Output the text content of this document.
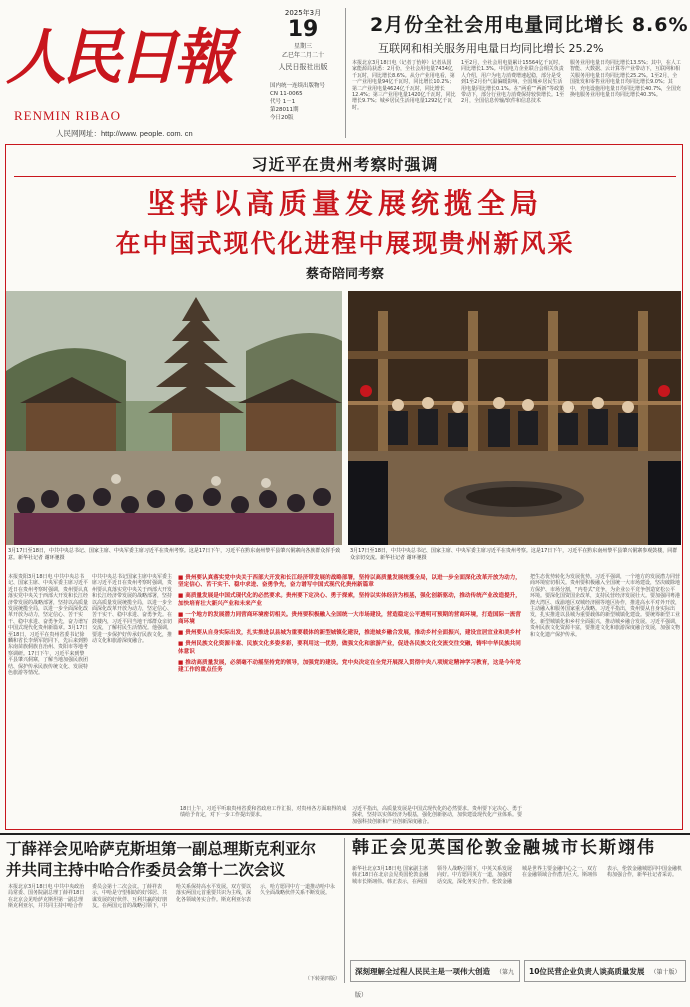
人民日報
RENMIN RIBAO
人民网网址：http://www. people. com. cn
2025年3月
19
星期三
乙巳年二月二十
人民日报社出版
国内统一连续出版物号
CN 11-0065
代号 1－1
第28011期
今日20版
2月份全社会用电量同比增长 8.6%
互联网和相关服务用电量日均同比增长 25.2%
本报北京3月18日电（记者丁怡婷）记者从国家能源局获悉：2月份，全社会用电量7434亿千瓦时，同比增长8.6%。从分产业用电看，第一产业用电量94亿千瓦时，同比增长10.2%；第二产业用电量4624亿千瓦时，同比增长12.4%；第三产业用电量1420亿千瓦时，同比增长9.7%；城乡居民生活用电量1292亿千瓦时。
1至2月，全社会用电量累计15564亿千瓦时，同比增长1.3%。中国电力企业联合会相关负责人介绍，用户为电力消费增速起稳，部分是受到1至2月份气温偏暖影响，全国城乡居民生活用电量同比增长0.1%。在“两重”“两新”等政策带动下，部分行业电力消费保持较快增长。1至2月，全国信息传输/软件和信息技术
服务业用电量日均同比增长13.5%；其中，在人工智能、大数据、云计算等产业带动下，互联网和相关服务用电量日均同比增长25.2%。1至2月，全国批发和零售业用电量日均同比增长9.0%；其中，充电设施用电量日均同比增长40.7%，全国充换电服务业用电量日均同比增长40.3%。
习近平在贵州考察时强调
坚持以高质量发展统揽全局
在中国式现代化进程中展现贵州新风采
蔡奇陪同考察
3月17日至18日，中共中央总书记、国家主席、中央军委主席习近平在贵州考察。这是17日下午，习近平在黔东南州黎平县肇兴侗寨向各族群众挥手致意。新华社记者 谢环驰摄
3月17日至18日，中共中央总书记、国家主席、中央军委主席习近平在贵州考察。这是17日下午，习近平在黔东南州黎平县肇兴侗寨参观鼓楼，同群众亲切交流。新华社记者 谢环驰摄
本报贵阳3月18日电 中共中央总书记、国家主席、中央军委主席习近平近日在贵州考察时强调，贵州要认真落实党中央关于西部大开发和长江经济带发展的战略部署，坚持以高质量发展统揽全局，以进一步全面深化改革开放为动力，坚定信心、苦干实干、稳中求进、奋勇争先，奋力谱写中国式现代化贵州新篇章。3月17日至18日，习近平在贵州省委书记徐麟和省长李炳军陪同下，先后来到黔东南苗族侗族自治州、贵阳市等地考察调研。17日下午，习近平来到黎平县肇兴侗寨，了解当地加强民族团结、保护传承民族传统文化、发展特色旅游等情况。
中共中央总书记国家主席中央军委主席习近平近日在贵州考察时强调，贵州要认真落实党中央关于西部大开发和长江经济带发展的战略部署，坚持以高质量发展统揽全局，以进一步全面深化改革开放为动力，坚定信心、苦干实干、稳中求进、奋勇争先。在鼓楼内，习近平同当地干部群众亲切交流，了解村民生活情况。他强调，要进一步保护好传承好民族文化，推动文化和旅游深度融合。
■ 贵州要认真落实党中央关于西部大开发和长江经济带发展的战略部署，坚持以高质量发展统揽全局，以进一步全面深化改革开放为动力，坚定信心、苦干实干、稳中求进、奋勇争先，奋力谱写中国式现代化贵州新篇章
■ 高质量发展是中国式现代化的必然要求。贵州要下定决心、勇于探索，坚持以实体经济为根基，强化创新驱动，推动传统产业改造提升，加快培育壮大新兴产业和未来产业
■ 一个地方的发展潜力同营商环境密切相关。贵州要积极融入全国统一大市场建设，营造稳定公平透明可预期的营商环境，打造国际一流营商环境
■ 贵州要从自身实际出发，扎实推进以县城为重要载体的新型城镇化建设，推进城乡融合发展，推动乡村全面振兴，建设宜居宜业和美乡村
■ 贵州民族文化资源丰富、民族文化多姿多彩，要利用这一优势，做强文化和旅游产业，促进各民族文化交流交往交融，铸牢中华民族共同体意识
■ 推动高质量发展，必须毫不动摇坚持党的领导，加强党的建设。党中央决定在全党开展深入贯彻中央八项规定精神学习教育，这是今年党建工作的重点任务
18日上午，习近平听取贵州省委和省政府工作汇报，对贵州各方面取得的成绩给予肯定，对下一步工作提出要求。
习近平指出，高质量发展是中国式现代化的必然要求。贵州要下定决心、勇于探索，坚持以实体经济为根基，强化创新驱动，加快建设现代化产业体系。要加强科技创新和产业创新深度融合。
把生态优势转化为发展优势。习近平强调，一个地方的发展潜力同营商环境密切相关。贵州要积极融入全国统一大市场建设，坚决破除地方保护、市场分割，“内卷式”竞争，为企业公平竞争创造宽松公平环境。要深化国资国企改革，支持民营经济发展壮大。要加强同粤港澳大湾区、成渝地区双城经济圈等地区协作，推进高水平对外开放，主动融入和服务国家重大战略。习近平指出，贵州要从自身实际出发，扎实推进以县城为重要载体的新型城镇化建设。要统筹新型工业化、新型城镇化和乡村全面振兴，推动城乡融合发展。习近平强调，贵州民族文化资源丰富，要推进文化和旅游深度融合发展，加强文物和文化遗产保护传承。
丁薛祥会见哈萨克斯坦第一副总理斯克利亚尔
并共同主持中哈合作委员会第十二次会议
本报北京3月18日电 中共中央政治局常委、国务院副总理丁薛祥18日在北京会见哈萨克斯坦第一副总理斯克利亚尔，并共同主持中哈合作委员会第十二次会议。丁薛祥表示，中哈是守望相助的好邻居、共谋发展的好伙伴、互利共赢的好朋友。在两国元首的战略引领下，中哈关系保持高水平发展。双方要以落实两国元首重要共识为主线，深化各领域务实合作。斯克利亚尔表示，哈方愿同中方一道推动哈中永久全面战略伙伴关系不断发展。
（下转第四版）
韩正会见英国伦敦金融城市长斯翊伟
新华社北京3月18日电 国家副主席韩正18日在北京会见英国伦敦金融城市长斯翊伟。韩正表示，在两国领导人战略引领下，中英关系发展向好。中方愿同英方一道，加强对话交流，深化务实合作。伦敦金融城是世界主要金融中心之一，双方在金融领域合作潜力巨大。斯翊伟表示，伦敦金融城愿同中国金融机构加强合作，新华社记者采访。
深刻理解全过程人民民主是一项伟大创造 （第九版）
10位民营企业负责人谈高质量发展 （第十版）
